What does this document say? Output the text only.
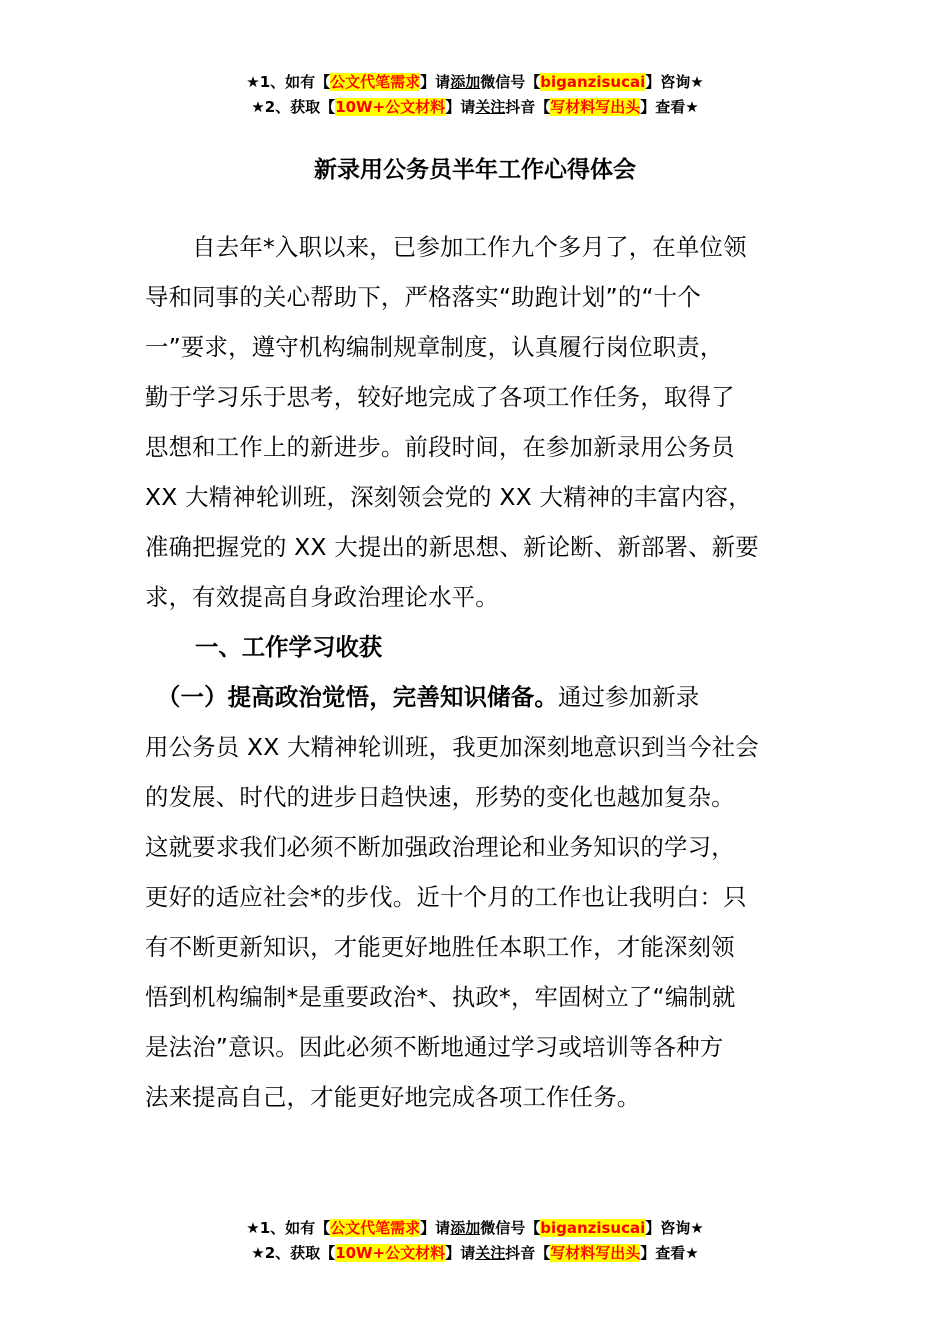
★1、如有【公文代笔需求】请添加微信号【biganzisucai】咨询★
★2、获取【10W+公文材料】请关注抖音【写材料写出头】查看★
新录用公务员半年工作心得体会
　　自去年*入职以来，已参加工作九个多月了，在单位领
导和同事的关心帮助下，严格落实“助跑计划”的“十个
一”要求，遵守机构编制规章制度，认真履行岗位职责，
勤于学习乐于思考，较好地完成了各项工作任务，取得了
思想和工作上的新进步。前段时间，在参加新录用公务员
XX 大精神轮训班，深刻领会党的 XX 大精神的丰富内容，
准确把握党的 XX 大提出的新思想、新论断、新部署、新要
求，有效提高自身政治理论水平。
一、工作学习收获
　（一）提高政治觉悟，完善知识储备。通过参加新录
用公务员 XX 大精神轮训班，我更加深刻地意识到当今社会
的发展、时代的进步日趋快速，形势的变化也越加复杂。
这就要求我们必须不断加强政治理论和业务知识的学习，
更好的适应社会*的步伐。近十个月的工作也让我明白：只
有不断更新知识，才能更好地胜任本职工作，才能深刻领
悟到机构编制*是重要政治*、执政*，牢固树立了“编制就
是法治”意识。因此必须不断地通过学习或培训等各种方
法来提高自己，才能更好地完成各项工作任务。
★1、如有【公文代笔需求】请添加微信号【biganzisucai】咨询★
★2、获取【10W+公文材料】请关注抖音【写材料写出头】查看★
